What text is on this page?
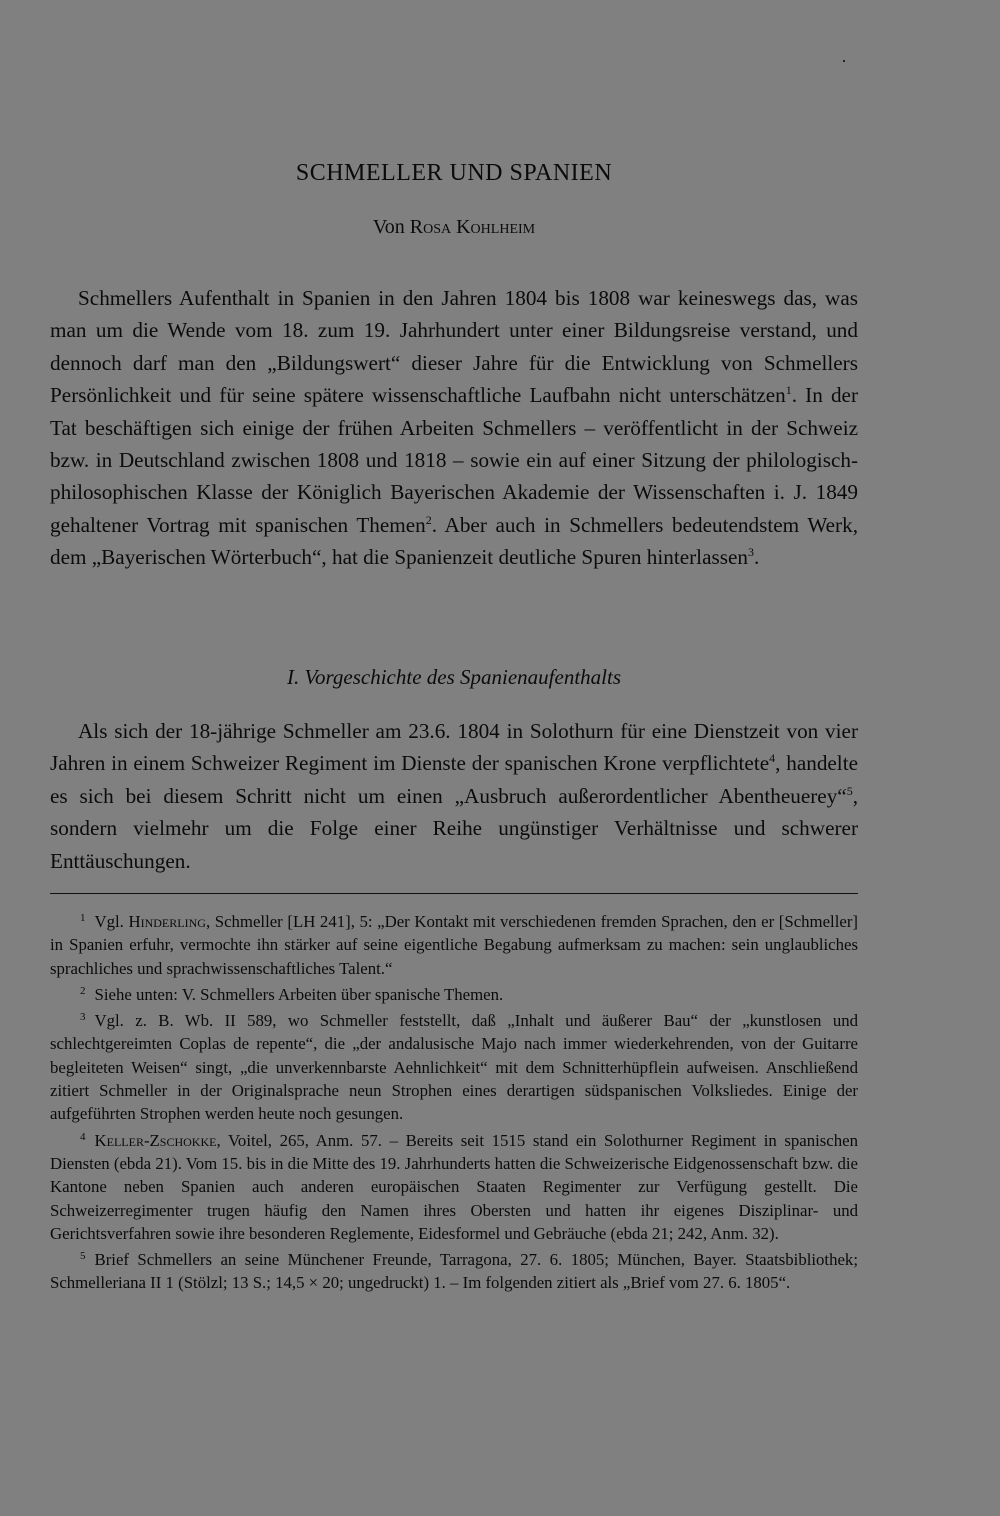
SCHMELLER UND SPANIEN
Von Rosa Kohlheim

Schmellers Aufenthalt in Spanien in den Jahren 1804 bis 1808 war keineswegs das, was man um die Wende vom 18. zum 19. Jahrhundert unter einer Bildungsreise verstand, und dennoch darf man den „Bildungswert“ dieser Jahre für die Entwicklung von Schmellers Persönlichkeit und für seine spätere wissenschaftliche Laufbahn nicht unterschätzen$^1$. In der Tat beschäftigen sich einige der frühen Arbeiten Schmellers – veröffentlicht in der Schweiz bzw. in Deutschland zwischen 1808 und 1818 – sowie ein auf einer Sitzung der philologisch-philosophischen Klasse der Königlich Bayerischen Akademie der Wissenschaften i. J. 1849 gehaltener Vortrag mit spanischen Themen$^2$. Aber auch in Schmellers bedeutendstem Werk, dem „Bayerischen Wörterbuch“, hat die Spanienzeit deutliche Spuren hinterlassen$^3$.

I. Vorgeschichte des Spanienaufenthalts

Als sich der 18-jährige Schmeller am 23.6. 1804 in Solothurn für eine Dienstzeit von vier Jahren in einem Schweizer Regiment im Dienste der spanischen Krone verpflichtete$^4$, handelte es sich bei diesem Schritt nicht um einen „Ausbruch außerordentlicher Abentheuerey“$^5$, sondern vielmehr um die Folge einer Reihe ungünstiger Verhältnisse und schwerer Enttäuschungen.

$^1$ Vgl. Hinderling, Schmeller [LH 241], 5: „Der Kontakt mit verschiedenen fremden Sprachen, den er [Schmeller] in Spanien erfuhr, vermochte ihn stärker auf seine eigentliche Begabung aufmerksam zu machen: sein unglaubliches sprachliches und sprachwissenschaftliches Talent.“

$^2$ Siehe unten: V. Schmellers Arbeiten über spanische Themen.

$^3$ Vgl. z. B. Wb. II 589, wo Schmeller feststellt, daß „Inhalt und äußerer Bau“ der „kunstlosen und schlechtgereimten Coplas de repente“, die „der andalusische Majo nach immer wiederkehrenden, von der Guitarre begleiteten Weisen“ singt, „die unverkennbarste Aehnlichkeit“ mit dem Schnitterhüpflein aufweisen. Anschließend zitiert Schmeller in der Originalsprache neun Strophen eines derartigen südspanischen Volksliedes. Einige der aufgeführten Strophen werden heute noch gesungen.

$^4$ Keller-Zschokke, Voitel, 265, Anm. 57. – Bereits seit 1515 stand ein Solothurner Regiment in spanischen Diensten (ebda 21). Vom 15. bis in die Mitte des 19. Jahrhunderts hatten die Schweizerische Eidgenossenschaft bzw. die Kantone neben Spanien auch anderen europäischen Staaten Regimenter zur Verfügung gestellt. Die Schweizerregimenter trugen häufig den Namen ihres Obersten und hatten ihr eigenes Disziplinar- und Gerichtsverfahren sowie ihre besonderen Reglemente, Eidesformel und Gebräuche (ebda 21; 242, Anm. 32).

$^5$ Brief Schmellers an seine Münchener Freunde, Tarragona, 27. 6. 1805; München, Bayer. Staatsbibliothek; Schmelleriana II 1 (Stölzl; 13 S.; 14,5 × 20; ungedruckt) 1. – Im folgenden zitiert als „Brief vom 27. 6. 1805“.
